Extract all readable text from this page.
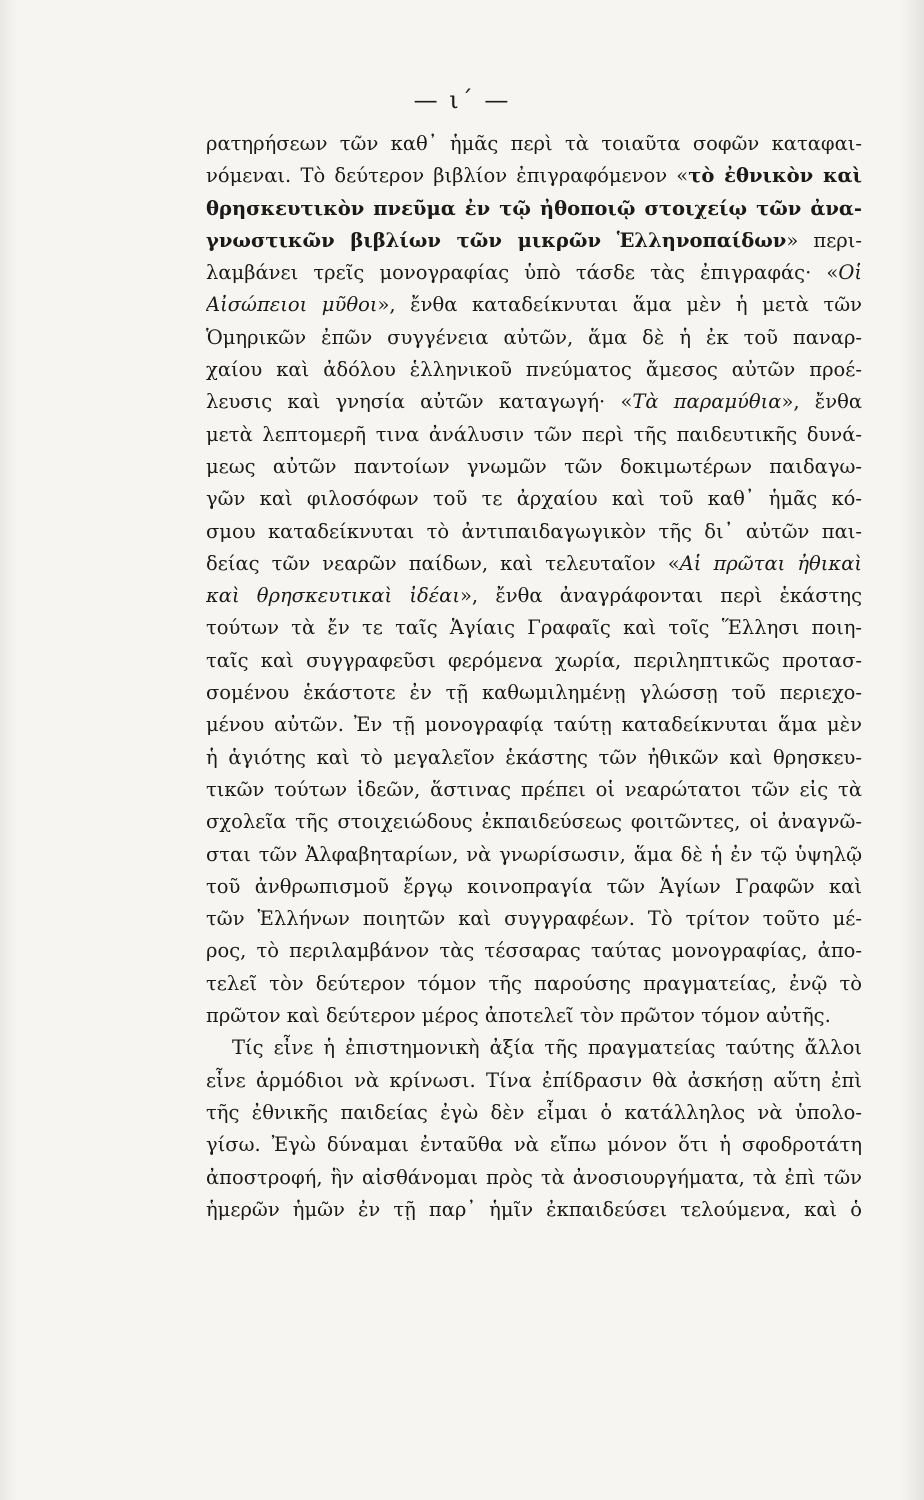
— ι΄ —
ρατηρήσεων τῶν καθ᾽ ἡμᾶς περὶ τὰ τοιαῦτα σοφῶν καταφαι-
νόμεναι. Τὸ δεύτερον βιβλίον ἐπιγραφόμενον «τὸ ἐθνικὸν καὶ
θρησκευτικὸν πνεῦμα ἐν τῷ ἠθοποιῷ στοιχείῳ τῶν ἀνα-
γνωστικῶν βιβλίων τῶν μικρῶν Ἑλληνοπαίδων» περι-
λαμβάνει τρεῖς μονογραφίας ὑπὸ τάσδε τὰς ἐπιγραφάς· «Οἱ
Αἰσώπειοι μῦθοι», ἔνθα καταδείκνυται ἅμα μὲν ἡ μετὰ τῶν
Ὁμηρικῶν ἐπῶν συγγένεια αὐτῶν, ἅμα δὲ ἡ ἐκ τοῦ παναρ-
χαίου καὶ ἀδόλου ἑλληνικοῦ πνεύματος ἄμεσος αὐτῶν προέ-
λευσις καὶ γνησία αὐτῶν καταγωγή· «Τὰ παραμύθια», ἔνθα
μετὰ λεπτομερῆ τινα ἀνάλυσιν τῶν περὶ τῆς παιδευτικῆς δυνά-
μεως αὐτῶν παντοίων γνωμῶν τῶν δοκιμωτέρων παιδαγω-
γῶν καὶ φιλοσόφων τοῦ τε ἀρχαίου καὶ τοῦ καθ᾽ ἡμᾶς κό-
σμου καταδείκνυται τὸ ἀντιπαιδαγωγικὸν τῆς δι᾽ αὐτῶν παι-
δείας τῶν νεαρῶν παίδων, καὶ τελευταῖον «Αἱ πρῶται ἠθικαὶ
καὶ θρησκευτικαὶ ἰδέαι», ἔνθα ἀναγράφονται περὶ ἑκάστης
τούτων τὰ ἔν τε ταῖς Ἁγίαις Γραφαῖς καὶ τοῖς Ἕλλησι ποιη-
ταῖς καὶ συγγραφεῦσι φερόμενα χωρία, περιληπτικῶς προτασ-
σομένου ἑκάστοτε ἐν τῇ καθωμιλημένῃ γλώσσῃ τοῦ περιεχο-
μένου αὐτῶν. Ἐν τῇ μονογραφίᾳ ταύτῃ καταδείκνυται ἅμα μὲν
ἡ ἁγιότης καὶ τὸ μεγαλεῖον ἑκάστης τῶν ἠθικῶν καὶ θρησκευ-
τικῶν τούτων ἰδεῶν, ἅστινας πρέπει οἱ νεαρώτατοι τῶν εἰς τὰ
σχολεῖα τῆς στοιχειώδους ἐκπαιδεύσεως φοιτῶντες, οἱ ἀναγνῶ-
σται τῶν Ἀλφαβηταρίων, νὰ γνωρίσωσιν, ἅμα δὲ ἡ ἐν τῷ ὑψηλῷ
τοῦ ἀνθρωπισμοῦ ἔργῳ κοινοπραγία τῶν Ἁγίων Γραφῶν καὶ
τῶν Ἑλλήνων ποιητῶν καὶ συγγραφέων. Τὸ τρίτον τοῦτο μέ-
ρος, τὸ περιλαμβάνον τὰς τέσσαρας ταύτας μονογραφίας, ἀπο-
τελεῖ τὸν δεύτερον τόμον τῆς παρούσης πραγματείας, ἐνῷ τὸ
πρῶτον καὶ δεύτερον μέρος ἀποτελεῖ τὸν πρῶτον τόμον αὐτῆς.
Τίς εἶνε ἡ ἐπιστημονικὴ ἀξία τῆς πραγματείας ταύτης ἄλλοι
εἶνε ἁρμόδιοι νὰ κρίνωσι. Τίνα ἐπίδρασιν θὰ ἀσκήσῃ αὕτη ἐπὶ
τῆς ἐθνικῆς παιδείας ἐγὼ δὲν εἶμαι ὁ κατάλληλος νὰ ὑπολο-
γίσω. Ἐγὼ δύναμαι ἐνταῦθα νὰ εἴπω μόνον ὅτι ἡ σφοδροτάτη
ἀποστροφή, ἣν αἰσθάνομαι πρὸς τὰ ἀνοσιουργήματα, τὰ ἐπὶ τῶν
ἡμερῶν ἡμῶν ἐν τῇ παρ᾽ ἡμῖν ἐκπαιδεύσει τελούμενα, καὶ ὁ
